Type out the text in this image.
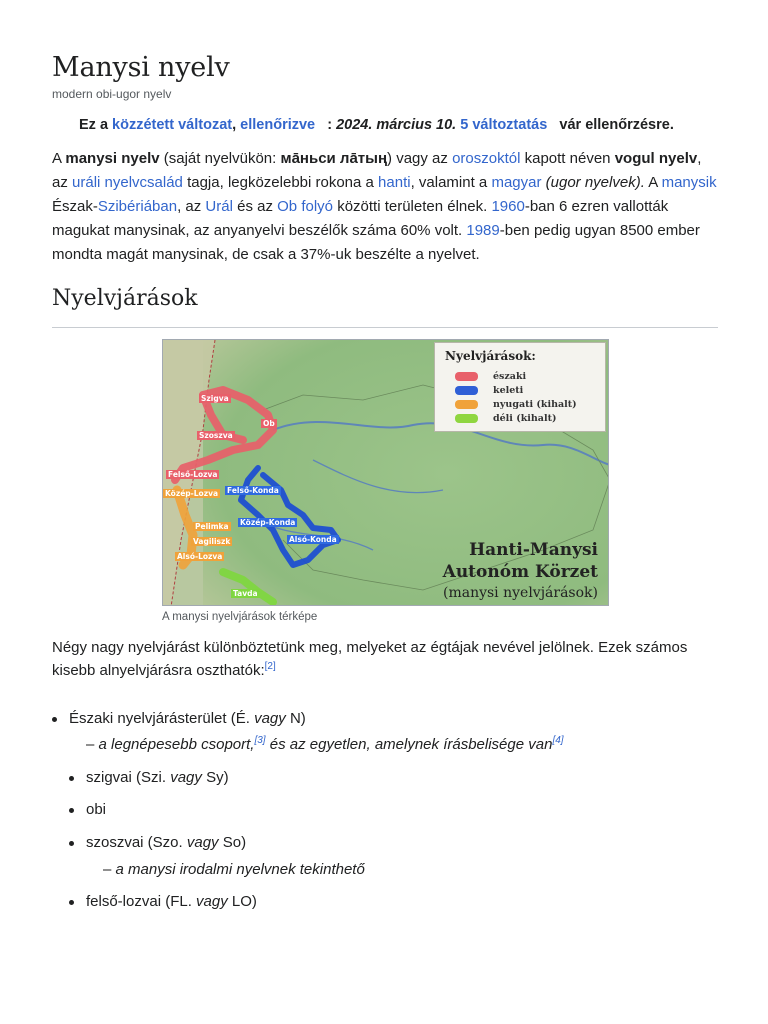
Manysi nyelv
modern obi-ugor nyelv
Ez a közzétett változat, ellenőrizve : 2024. március 10. 5 változtatás vár ellenőrzésre.

A manysi nyelv (saját nyelvükön: мāньси лāтың) vagy az oroszoktól kapott néven vogul nyelv, az uráli nyelvcsalád tagja, legközelebbi rokona a hanti, valamint a magyar (ugor nyelvek). A manysik Észak-Szibériában, az Urál és az Ob folyó közötti területen élnek. 1960-ban 6 ezren vallották magukat manysinak, az anyanyelvi beszélők száma 60% volt. 1989-ben pedig ugyan 8500 ember mondta magát manysinak, de csak a 37%-uk beszélte a nyelvet.

Nyelvjárások
Szigva
Ob
Szoszva
Felső-Lozva
Közép-Lozva Felső-Konda
Pelimka Közép-Konda
Vagiliszk	Alsó-Konda
Alsó-Lozva
Tavda
Nyelvjárások:
északi
keleti
nyugati (kihalt)
déli (kihalt)
Hanti-Manysi
Autonóm Körzet
(manysi nyelvjárások)
A manysi nyelvjárások térképe

Négy nagy nyelvjárást különböztetünk meg, melyeket az égtájak nevével jelölnek. Ezek számos kisebb alnyelvjárásra oszthatók:[2]

Északi nyelvjárásterület (É. vagy N)
– a legnépesebb csoport,[3] és az egyetlen, amelynek írásbelisége van[4]
szigvai (Szi. vagy Sy)
obi
szoszvai (Szo. vagy So)
– a manysi irodalmi nyelvnek tekinthető
felső-lozvai (FL. vagy LO)
